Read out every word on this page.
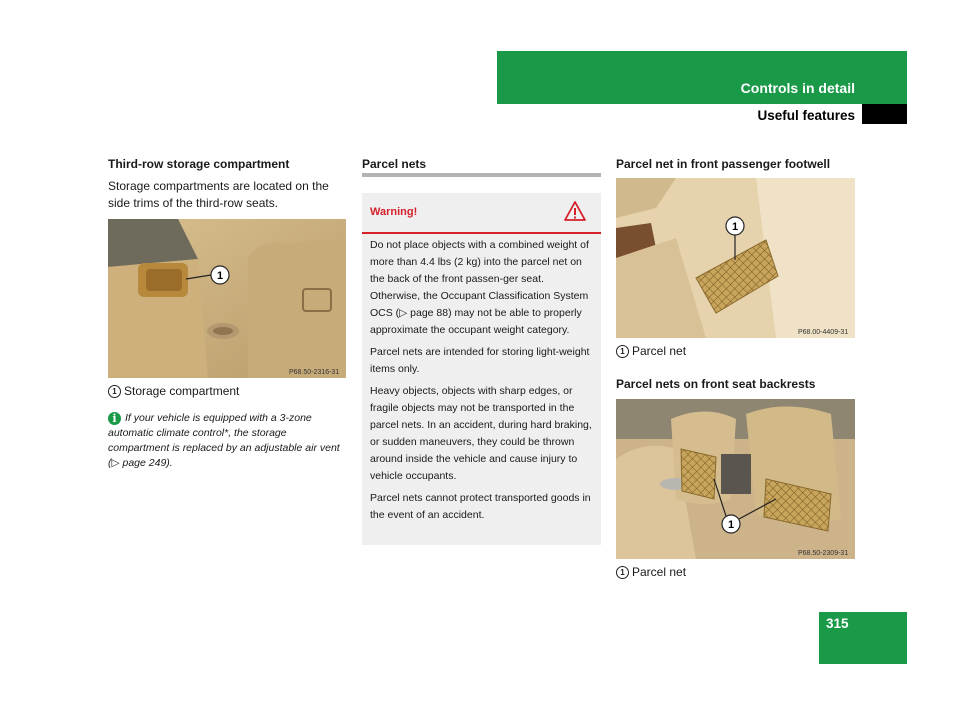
Controls in detail
Useful features
Third-row storage compartment
Storage compartments are located on the side trims of the third-row seats.
1
P68.50-2316-31
1 Storage compartment
i If your vehicle is equipped with a 3-zone automatic climate control*, the storage compartment is replaced by an adjustable air vent (▷ page 249).
Parcel nets
Warning!

Do not place objects with a combined weight of more than 4.4 lbs (2 kg) into the parcel net on the back of the front passen-ger seat. Otherwise, the Occupant Classification System OCS (▷ page 88) may not be able to properly approximate the occupant weight category.

Parcel nets are intended for storing light-weight items only.

Heavy objects, objects with sharp edges, or fragile objects may not be transported in the parcel nets. In an accident, during hard braking, or sudden maneuvers, they could be thrown around inside the vehicle and cause injury to vehicle occupants.

Parcel nets cannot protect transported goods in the event of an accident.

Parcel net in front passenger footwell
1
P68.00-4409-31
1 Parcel net
Parcel nets on front seat backrests
1
P68.50-2309-31
1 Parcel net
315
